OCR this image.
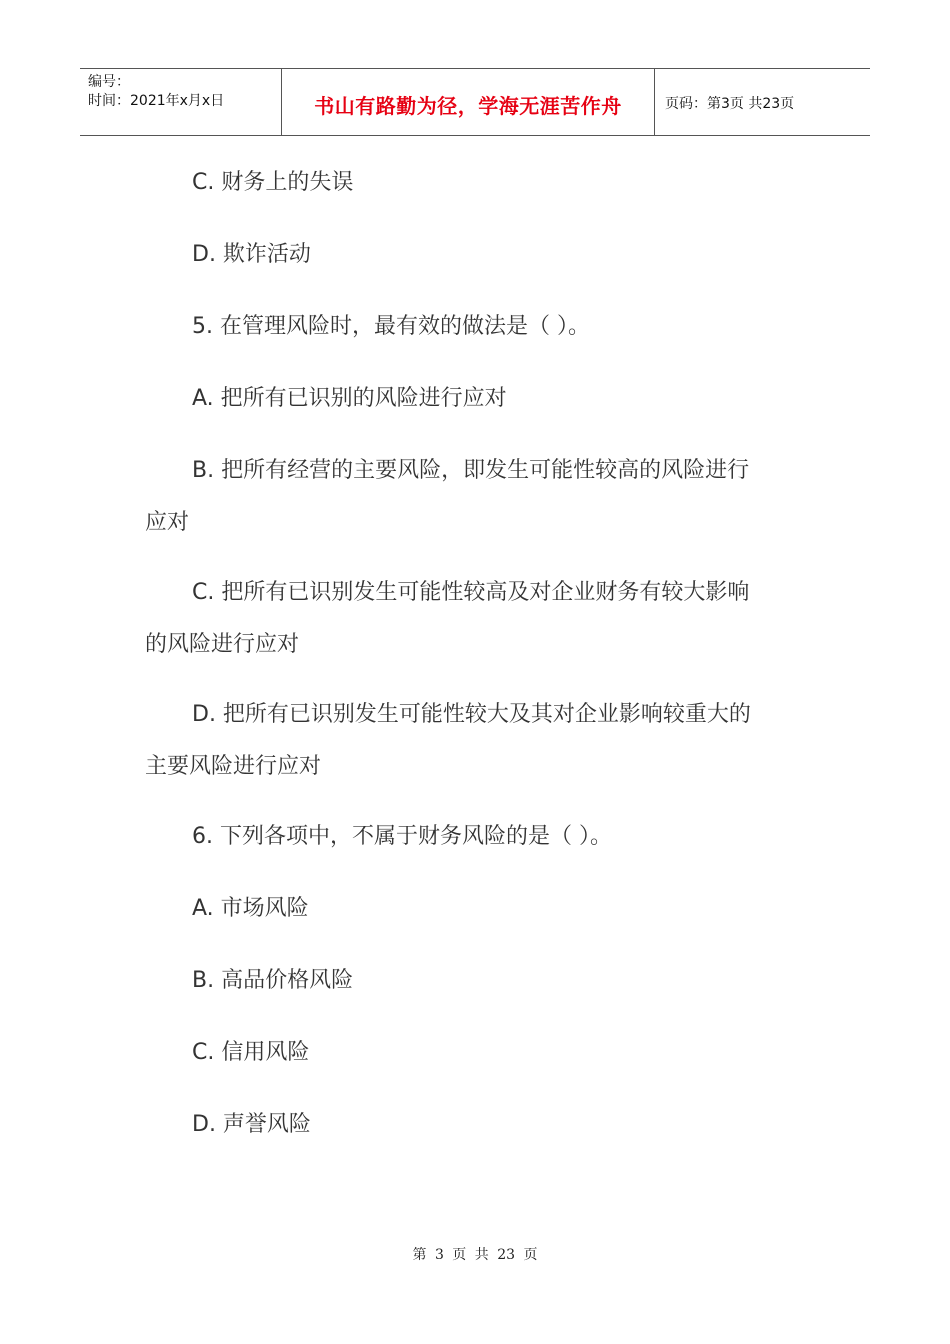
编号：
时间：2021年x月x日	书山有路勤为径，学海无涯苦作舟	页码：第3页 共23页
C. 财务上的失误
D. 欺诈活动
5. 在管理风险时，最有效的做法是（ ）。
A. 把所有已识别的风险进行应对
B. 把所有经营的主要风险，即发生可能性较高的风险进行
应对
C. 把所有已识别发生可能性较高及对企业财务有较大影响
的风险进行应对
D. 把所有已识别发生可能性较大及其对企业影响较重大的
主要风险进行应对
6. 下列各项中，不属于财务风险的是（ ）。
A. 市场风险
B. 高品价格风险
C. 信用风险
D. 声誉风险
第 3 页 共 23 页
